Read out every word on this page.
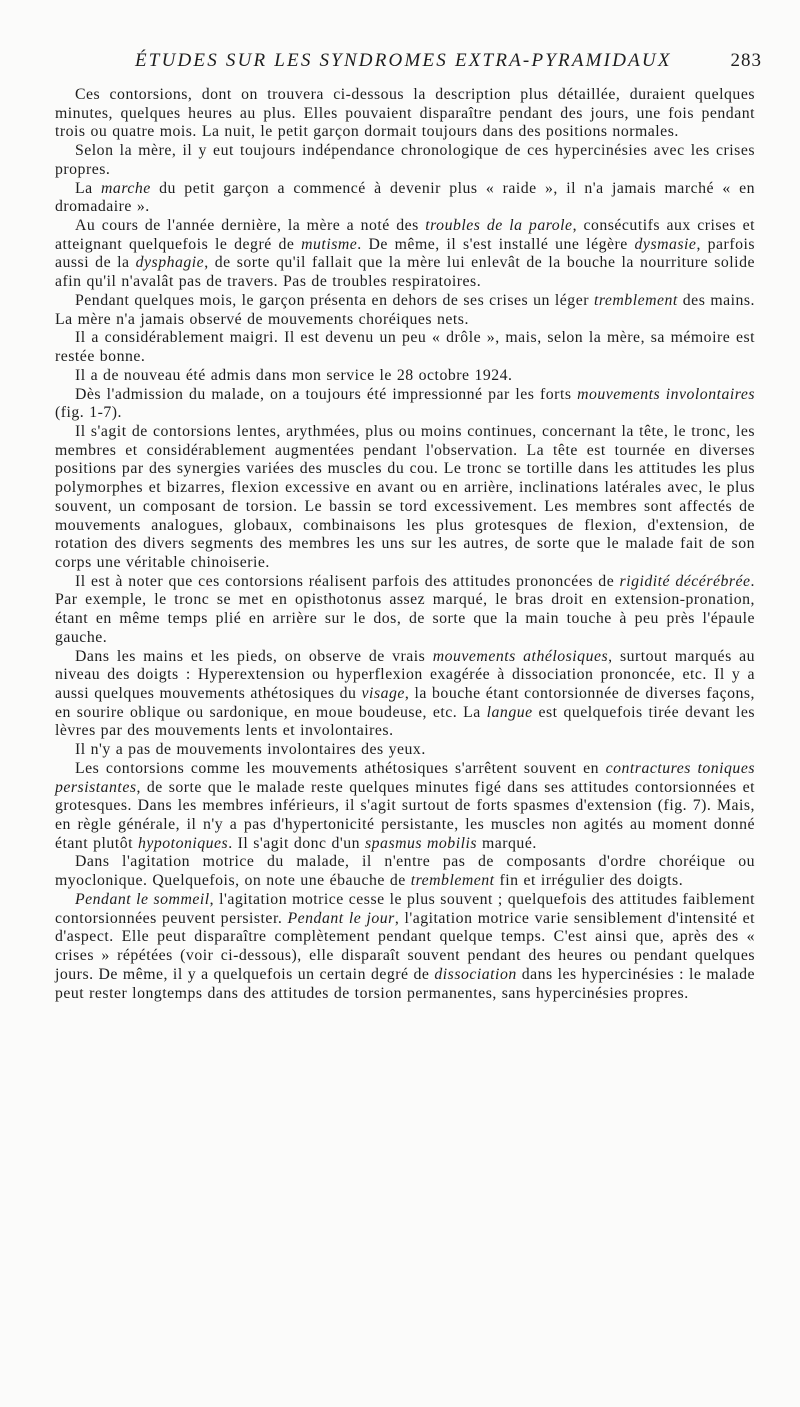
ÉTUDES SUR LES SYNDROMES EXTRA-PYRAMIDAUX	283

Ces contorsions, dont on trouvera ci-dessous la description plus détaillée, duraient quelques minutes, quelques heures au plus. Elles pouvaient disparaître pendant des jours, une fois pendant trois ou quatre mois. La nuit, le petit garçon dormait toujours dans des positions normales.

Selon la mère, il y eut toujours indépendance chronologique de ces hypercinésies avec les crises propres.

La marche du petit garçon a commencé à devenir plus « raide », il n'a jamais marché « en dromadaire ».

Au cours de l'année dernière, la mère a noté des troubles de la parole, consécutifs aux crises et atteignant quelquefois le degré de mutisme. De même, il s'est installé une légère dysmasie, parfois aussi de la dysphagie, de sorte qu'il fallait que la mère lui enlevât de la bouche la nourriture solide afin qu'il n'avalât pas de travers. Pas de troubles respiratoires.

Pendant quelques mois, le garçon présenta en dehors de ses crises un léger tremblement des mains. La mère n'a jamais observé de mouvements choréiques nets.

Il a considérablement maigri. Il est devenu un peu « drôle », mais, selon la mère, sa mémoire est restée bonne.

Il a de nouveau été admis dans mon service le 28 octobre 1924.

Dès l'admission du malade, on a toujours été impressionné par les forts mouvements involontaires (fig. 1-7).

Il s'agit de contorsions lentes, arythmées, plus ou moins continues, concernant la tête, le tronc, les membres et considérablement augmentées pendant l'observation. La tête est tournée en diverses positions par des synergies variées des muscles du cou. Le tronc se tortille dans les attitudes les plus polymorphes et bizarres, flexion excessive en avant ou en arrière, inclinations latérales avec, le plus souvent, un composant de torsion. Le bassin se tord excessivement. Les membres sont affectés de mouvements analogues, globaux, combinaisons les plus grotesques de flexion, d'extension, de rotation des divers segments des membres les uns sur les autres, de sorte que le malade fait de son corps une véritable chinoiserie.

Il est à noter que ces contorsions réalisent parfois des attitudes prononcées de rigidité décérébrée. Par exemple, le tronc se met en opisthotonus assez marqué, le bras droit en extension-pronation, étant en même temps plié en arrière sur le dos, de sorte que la main touche à peu près l'épaule gauche.

Dans les mains et les pieds, on observe de vrais mouvements athélosiques, surtout marqués au niveau des doigts : Hyperextension ou hyperflexion exagérée à dissociation prononcée, etc. Il y a aussi quelques mouvements athétosiques du visage, la bouche étant contorsionnée de diverses façons, en sourire oblique ou sardonique, en moue boudeuse, etc. La langue est quelquefois tirée devant les lèvres par des mouvements lents et involontaires.

Il n'y a pas de mouvements involontaires des yeux.

Les contorsions comme les mouvements athétosiques s'arrêtent souvent en contractures toniques persistantes, de sorte que le malade reste quelques minutes figé dans ses attitudes contorsionnées et grotesques. Dans les membres inférieurs, il s'agit surtout de forts spasmes d'extension (fig. 7). Mais, en règle générale, il n'y a pas d'hypertonicité persistante, les muscles non agités au moment donné étant plutôt hypotoniques. Il s'agit donc d'un spasmus mobilis marqué.

Dans l'agitation motrice du malade, il n'entre pas de composants d'ordre choréique ou myoclonique. Quelquefois, on note une ébauche de tremblement fin et irrégulier des doigts.

Pendant le sommeil, l'agitation motrice cesse le plus souvent ; quelquefois des attitudes faiblement contorsionnées peuvent persister. Pendant le jour, l'agitation motrice varie sensiblement d'intensité et d'aspect. Elle peut disparaître complètement pendant quelque temps. C'est ainsi que, après des « crises » répétées (voir ci-dessous), elle disparaît souvent pendant des heures ou pendant quelques jours. De même, il y a quelquefois un certain degré de dissociation dans les hypercinésies : le malade peut rester longtemps dans des attitudes de torsion permanentes, sans hypercinésies propres.
